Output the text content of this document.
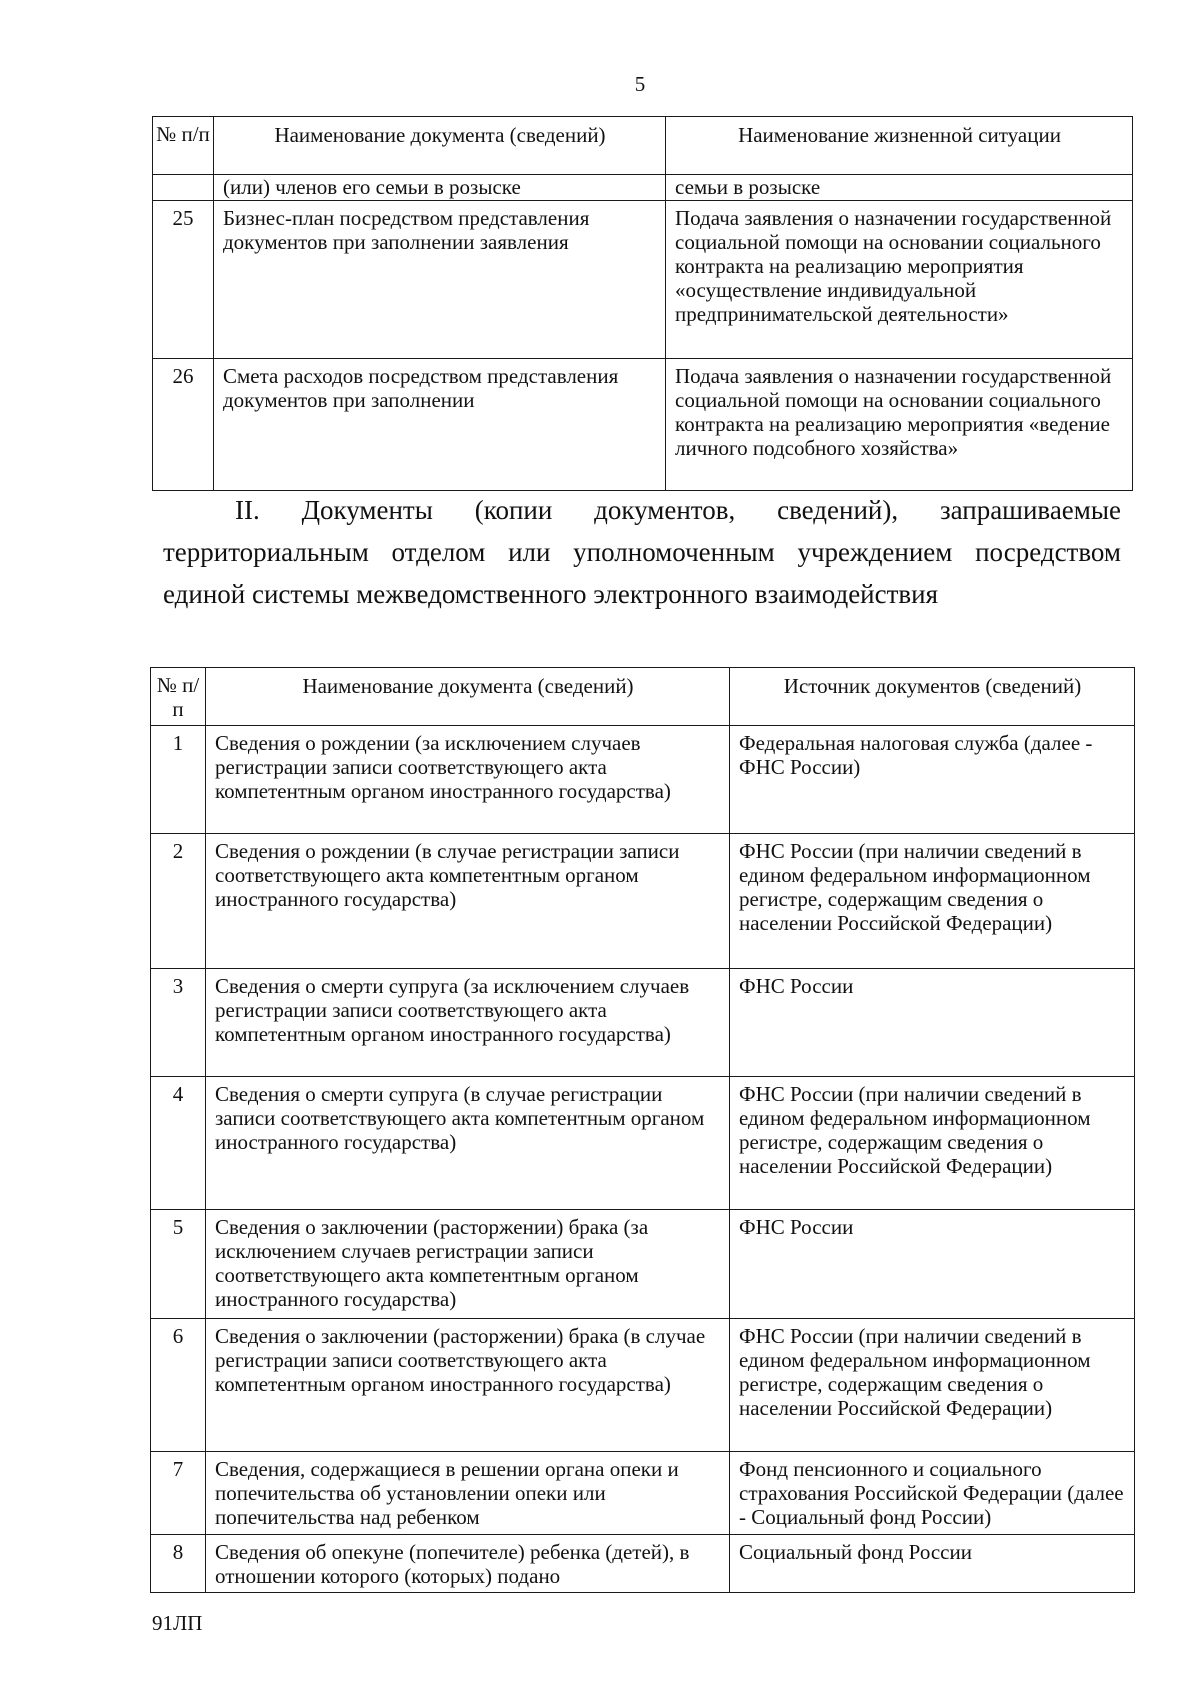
5
№ п/п	Наименование документа (сведений)	Наименование жизненной ситуации
	(или) членов его семьи в розыске	семьи в розыске
25	Бизнес-план посредством представления документов при заполнении заявления	Подача заявления о назначении государственной социальной помощи на основании социального контракта на реализацию мероприятия «осуществление индивидуальной предпринимательской деятельности»
26	Смета расходов посредством представления документов при заполнении	Подача заявления о назначении государственной социальной помощи на основании социального контракта на реализацию мероприятия «ведение личного подсобного хозяйства»

II. Документы (копии документов, сведений), запрашиваемые территориальным отделом или уполномоченным учреждением посредством единой системы межведомственного электронного взаимодействия

№ п/п	Наименование документа (сведений)	Источник документов (сведений)
1	Сведения о рождении (за исключением случаев регистрации записи соответствующего акта компетентным органом иностранного государства)	Федеральная налоговая служба (далее - ФНС России)
2	Сведения о рождении (в случае регистрации записи соответствующего акта компетентным органом иностранного государства)	ФНС России (при наличии сведений в едином федеральном информационном регистре, содержащим сведения о населении Российской Федерации)
3	Сведения о смерти супруга (за исключением случаев регистрации записи соответствующего акта компетентным органом иностранного государства)	ФНС России
4	Сведения о смерти супруга (в случае регистрации записи соответствующего акта компетентным органом иностранного государства)	ФНС России (при наличии сведений в едином федеральном информационном регистре, содержащим сведения о населении Российской Федерации)
5	Сведения о заключении (расторжении) брака (за исключением случаев регистрации записи соответствующего акта компетентным органом иностранного государства)	ФНС России
6	Сведения о заключении (расторжении) брака (в случае регистрации записи соответствующего акта компетентным органом иностранного государства)	ФНС России (при наличии сведений в едином федеральном информационном регистре, содержащим сведения о населении Российской Федерации)
7	Сведения, содержащиеся в решении органа опеки и попечительства об установлении опеки или попечительства над ребенком	Фонд пенсионного и социального страхования Российской Федерации (далее - Социальный фонд России)
8	Сведения об опекуне (попечителе) ребенка (детей), в отношении которого (которых) подано	Социальный фонд России
91ЛП
